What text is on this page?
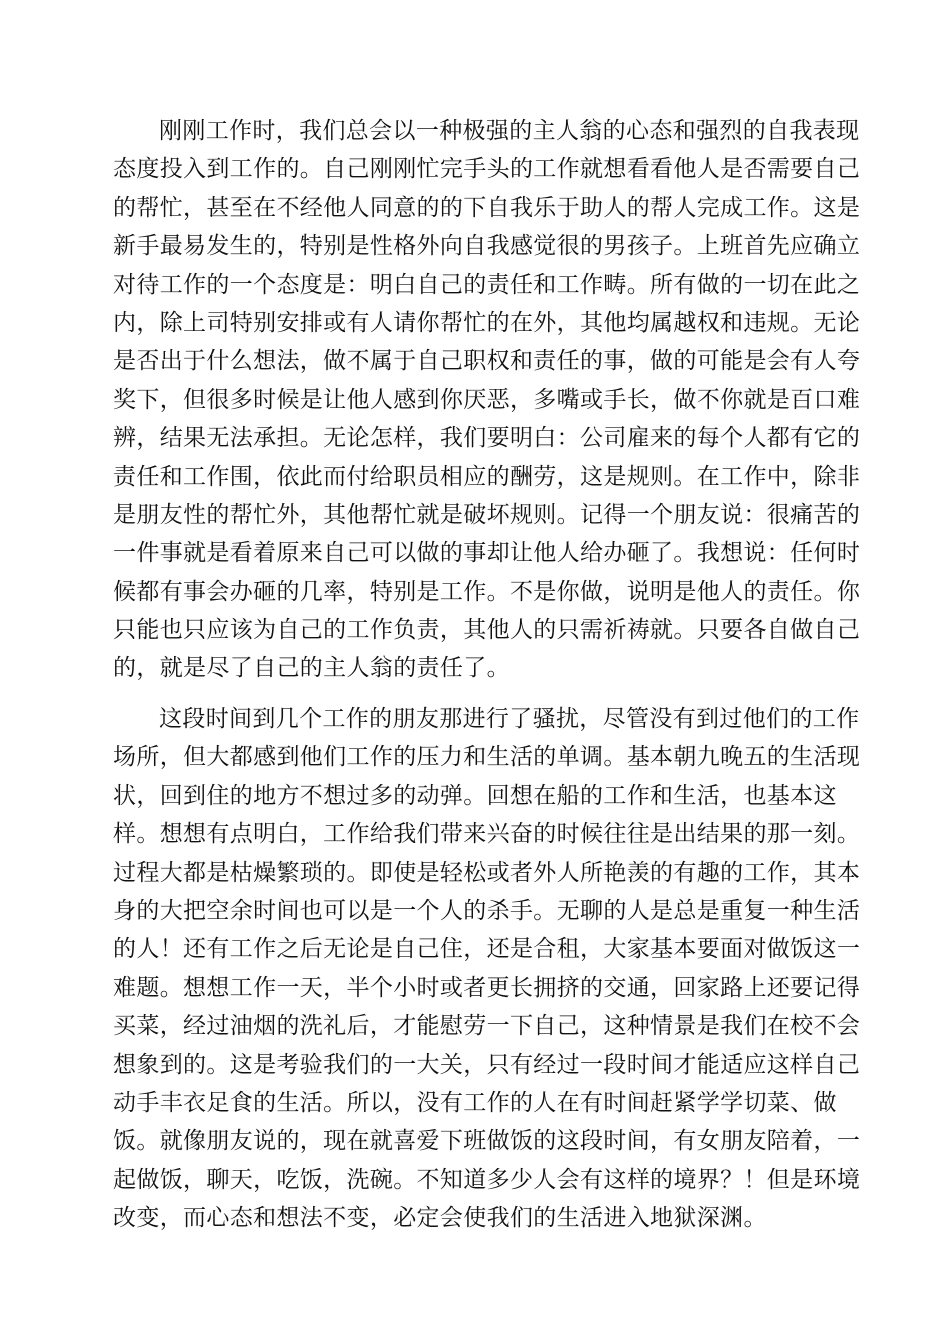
刚刚工作时，我们总会以一种极强的主人翁的心态和强烈的自我表现
态度投入到工作的。自己刚刚忙完手头的工作就想看看他人是否需要自己
的帮忙，甚至在不经他人同意的的下自我乐于助人的帮人完成工作。这是
新手最易发生的，特别是性格外向自我感觉很的男孩子。上班首先应确立
对待工作的一个态度是：明白自己的责任和工作畴。所有做的一切在此之
内，除上司特别安排或有人请你帮忙的在外，其他均属越权和违规。无论
是否出于什么想法，做不属于自己职权和责任的事，做的可能是会有人夸
奖下，但很多时候是让他人感到你厌恶，多嘴或手长，做不你就是百口难
辨，结果无法承担。无论怎样，我们要明白：公司雇来的每个人都有它的
责任和工作围，依此而付给职员相应的酬劳，这是规则。在工作中，除非
是朋友性的帮忙外，其他帮忙就是破坏规则。记得一个朋友说：很痛苦的
一件事就是看着原来自己可以做的事却让他人给办砸了。我想说：任何时
候都有事会办砸的几率，特别是工作。不是你做，说明是他人的责任。你
只能也只应该为自己的工作负责，其他人的只需祈祷就。只要各自做自己
的，就是尽了自己的主人翁的责任了。
这段时间到几个工作的朋友那进行了骚扰，尽管没有到过他们的工作
场所，但大都感到他们工作的压力和生活的单调。基本朝九晚五的生活现
状，回到住的地方不想过多的动弹。回想在船的工作和生活，也基本这
样。想想有点明白，工作给我们带来兴奋的时候往往是出结果的那一刻。
过程大都是枯燥繁琐的。即使是轻松或者外人所艳羡的有趣的工作，其本
身的大把空余时间也可以是一个人的杀手。无聊的人是总是重复一种生活
的人！还有工作之后无论是自己住，还是合租，大家基本要面对做饭这一
难题。想想工作一天，半个小时或者更长拥挤的交通，回家路上还要记得
买菜，经过油烟的洗礼后，才能慰劳一下自己，这种情景是我们在校不会
想象到的。这是考验我们的一大关，只有经过一段时间才能适应这样自己
动手丰衣足食的生活。所以，没有工作的人在有时间赶紧学学切菜、做
饭。就像朋友说的，现在就喜爱下班做饭的这段时间，有女朋友陪着，一
起做饭，聊天，吃饭，洗碗。不知道多少人会有这样的境界？！但是环境
改变，而心态和想法不变，必定会使我们的生活进入地狱深渊。
